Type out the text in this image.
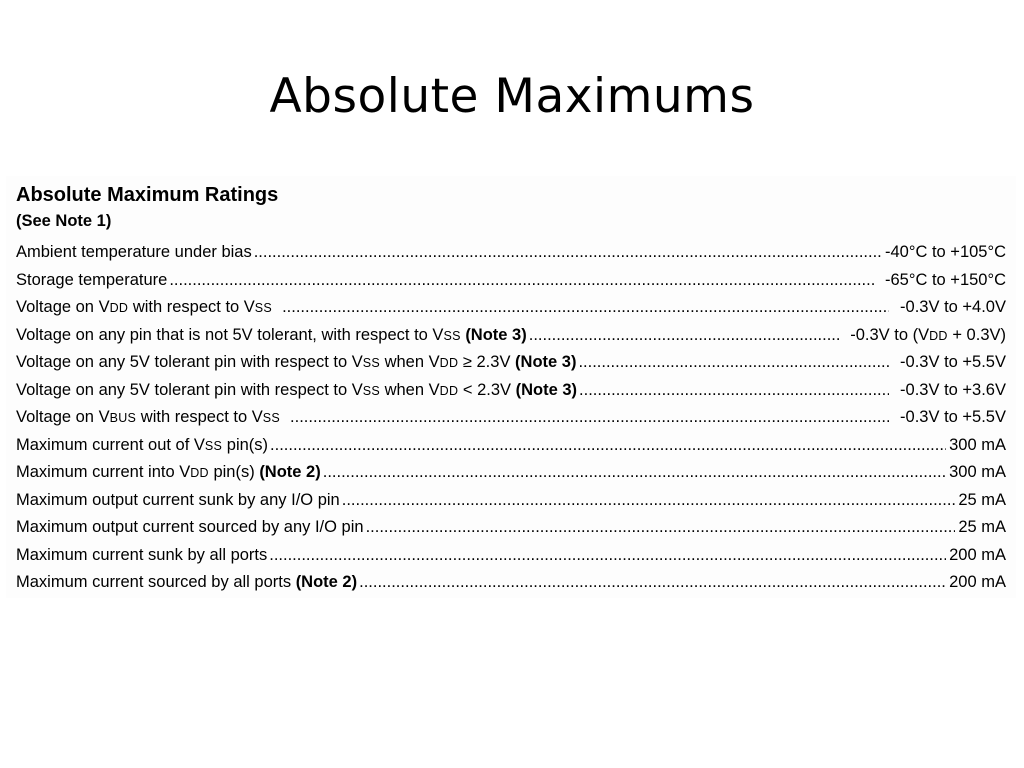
Absolute Maximums
Absolute Maximum Ratings
(See Note 1)
Ambient temperature under bias .....	-40°C to +105°C
Storage temperature .....	-65°C to +150°C
Voltage on VDD with respect to VSS .....	-0.3V to +4.0V
Voltage on any pin that is not 5V tolerant, with respect to VSS (Note 3) .....	-0.3V to (VDD + 0.3V)
Voltage on any 5V tolerant pin with respect to VSS when VDD ≥ 2.3V (Note 3) .....	-0.3V to +5.5V
Voltage on any 5V tolerant pin with respect to VSS when VDD < 2.3V (Note 3) .....	-0.3V to +3.6V
Voltage on VBUS with respect to VSS .....	-0.3V to +5.5V
Maximum current out of VSS pin(s) .....	300 mA
Maximum current into VDD pin(s) (Note 2) .....	300 mA
Maximum output current sunk by any I/O pin .....	25 mA
Maximum output current sourced by any I/O pin .....	25 mA
Maximum current sunk by all ports .....	200 mA
Maximum current sourced by all ports (Note 2) .....	200 mA
